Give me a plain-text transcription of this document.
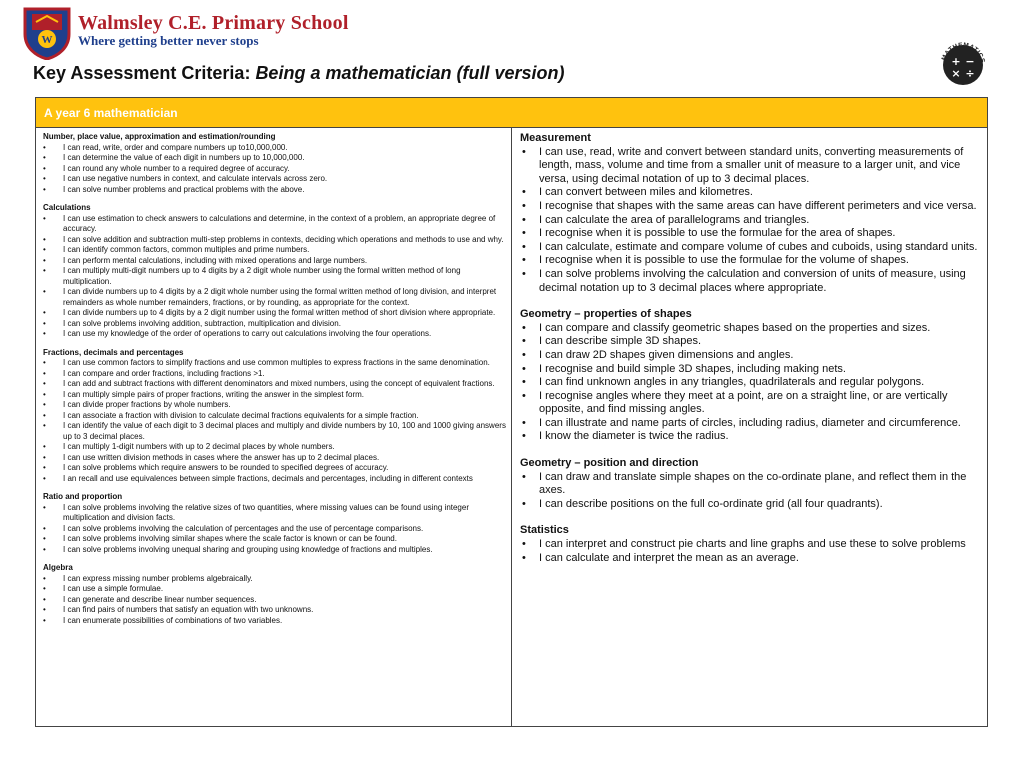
W
Walmsley C.E. Primary School
Where getting better never stops
MATHEMATICS
+ −
× ÷
Key Assessment Criteria: Being a mathematician (full version)
A year 6 mathematician
Number, place value, approximation and estimation/rounding
• I can read, write, order and compare numbers up to10,000,000.
• I can determine the value of each digit in numbers up to 10,000,000.
• I can round any whole number to a required degree of accuracy.
• I can use negative numbers in context, and calculate intervals across zero.
• I can solve number problems and practical problems with the above.
Calculations
• I can use estimation to check answers to calculations and determine, in the context of a problem, an appropriate degree of accuracy.
• I can solve addition and subtraction multi-step problems in contexts, deciding which operations and methods to use and why.
• I can identify common factors, common multiples and prime numbers.
• I can perform mental calculations, including with mixed operations and large numbers.
• I can multiply multi-digit numbers up to 4 digits by a 2 digit whole number using the formal written method of long multiplication.
• I can divide numbers up to 4 digits by a 2 digit whole number using the formal written method of long division, and interpret remainders as whole number remainders, fractions, or by rounding, as appropriate for the context.
• I can divide numbers up to 4 digits by a 2 digit number using the formal written method of short division where appropriate.
• I can solve problems involving addition, subtraction, multiplication and division.
• I can use my knowledge of the order of operations to carry out calculations involving the four operations.
Fractions, decimals and percentages
• I can use common factors to simplify fractions and use common multiples to express fractions in the same denomination.
• I can compare and order fractions, including fractions >1.
• I can add and subtract fractions with different denominators and mixed numbers, using the concept of equivalent fractions.
• I can multiply simple pairs of proper fractions, writing the answer in the simplest form.
• I can divide proper fractions by whole numbers.
• I can associate a fraction with division to calculate decimal fractions equivalents for a simple fraction.
• I can identify the value of each digit to 3 decimal places and multiply and divide numbers by 10, 100 and 1000 giving answers up to 3 decimal places.
• I can multiply 1-digit numbers with up to 2 decimal places by whole numbers.
• I can use written division methods in cases where the answer has up to 2 decimal places.
• I can solve problems which require answers to be rounded to specified degrees of accuracy.
• I an recall and use equivalences between simple fractions, decimals and percentages, including in different contexts
Ratio and proportion
• I can solve problems involving the relative sizes of two quantities, where missing values can be found using integer multiplication and division facts.
• I can solve problems involving the calculation of percentages and the use of percentage comparisons.
• I can solve problems involving similar shapes where the scale factor is known or can be found.
• I can solve problems involving unequal sharing and grouping using knowledge of fractions and multiples.
Algebra
• I can express missing number problems algebraically.
• I can use a simple formulae.
• I can generate and describe linear number sequences.
• I can find pairs of numbers that satisfy an equation with two unknowns.
• I can enumerate possibilities of combinations of two variables.
Measurement
• I can use, read, write and convert between standard units, converting measurements of length, mass, volume and time from a smaller unit of measure to a larger unit, and vice versa, using decimal notation of up to 3 decimal places.
• I can convert between miles and kilometres.
• I recognise that shapes with the same areas can have different perimeters and vice versa.
• I can calculate the area of parallelograms and triangles.
• I recognise when it is possible to use the formulae for the area of shapes.
• I can calculate, estimate and compare volume of cubes and cuboids, using standard units.
• I recognise when it is possible to use the formulae for the volume of shapes.
• I can solve problems involving the calculation and conversion of units of measure, using decimal notation up to 3 decimal places where appropriate.
Geometry – properties of shapes
• I can compare and classify geometric shapes based on the properties and sizes.
• I can describe simple 3D shapes.
• I can draw 2D shapes given dimensions and angles.
• I recognise and build simple 3D shapes, including making nets.
• I can find unknown angles in any triangles, quadrilaterals and regular polygons.
• I recognise angles where they meet at a point, are on a straight line, or are vertically opposite, and find missing angles.
• I can illustrate and name parts of circles, including radius, diameter and circumference.
• I know the diameter is twice the radius.
Geometry – position and direction
• I can draw and translate simple shapes on the co-ordinate plane, and reflect them in the axes.
• I can describe positions on the full co-ordinate grid (all four quadrants).
Statistics
• I can interpret and construct pie charts and line graphs and use these to solve problems
• I can calculate and interpret the mean as an average.
